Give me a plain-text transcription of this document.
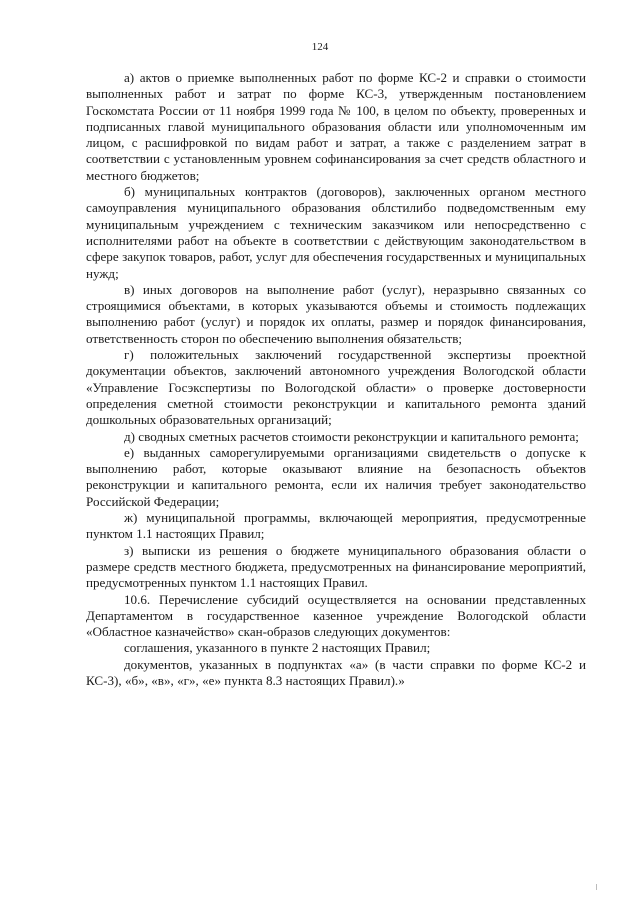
124

а) актов о приемке выполненных работ по форме КС-2 и справки о стоимости выполненных работ и затрат по форме КС-3, утвержденным постановлением Госкомстата России от 11 ноября 1999 года № 100, в целом по объекту, проверенных и подписанных главой муниципального образования области или уполномоченным им лицом, с расшифровкой по видам работ и затрат, а также с разделением затрат в соответствии с установленным уровнем софинансирования за счет средств областного и местного бюджетов;

б) муниципальных контрактов (договоров), заключенных органом местного самоуправления муниципального образования облстилибо подведомственным ему муниципальным учреждением с техническим заказчиком или непосредственно с исполнителями работ на объекте в соответствии с действующим законодательством в сфере закупок товаров, работ, услуг для обеспечения государственных и муниципальных нужд;

в) иных договоров на выполнение работ (услуг), неразрывно связанных со строящимися объектами, в которых указываются объемы и стоимость подлежащих выполнению работ (услуг) и порядок их оплаты, размер и порядок финансирования, ответственность сторон по обеспечению выполнения обязательств;

г) положительных заключений государственной экспертизы проектной документации объектов, заключений автономного учреждения Вологодской области «Управление Госэкспертизы по Вологодской области» о проверке достоверности определения сметной стоимости реконструкции и капитального ремонта зданий дошкольных образовательных организаций;

д) сводных сметных расчетов стоимости реконструкции и капитального ремонта;

е) выданных саморегулируемыми организациями свидетельств о допуске к выполнению работ, которые оказывают влияние на безопасность объектов реконструкции и капитального ремонта, если их наличия требует законодательство Российской Федерации;

ж) муниципальной программы, включающей мероприятия, предусмотренные пунктом 1.1 настоящих Правил;

з) выписки из решения о бюджете муниципального образования области о размере средств местного бюджета, предусмотренных на финансирование мероприятий, предусмотренных пунктом 1.1 настоящих Правил.

10.6. Перечисление субсидий осуществляется на основании представленных Департаментом в государственное казенное учреждение Вологодской области «Областное казначейство» скан-образов следующих документов:

соглашения, указанного в пункте 2 настоящих Правил;

документов, указанных в подпунктах «а» (в части справки по форме КС-2 и КС-3), «б», «в», «г», «е» пункта 8.3 настоящих Правил).»
